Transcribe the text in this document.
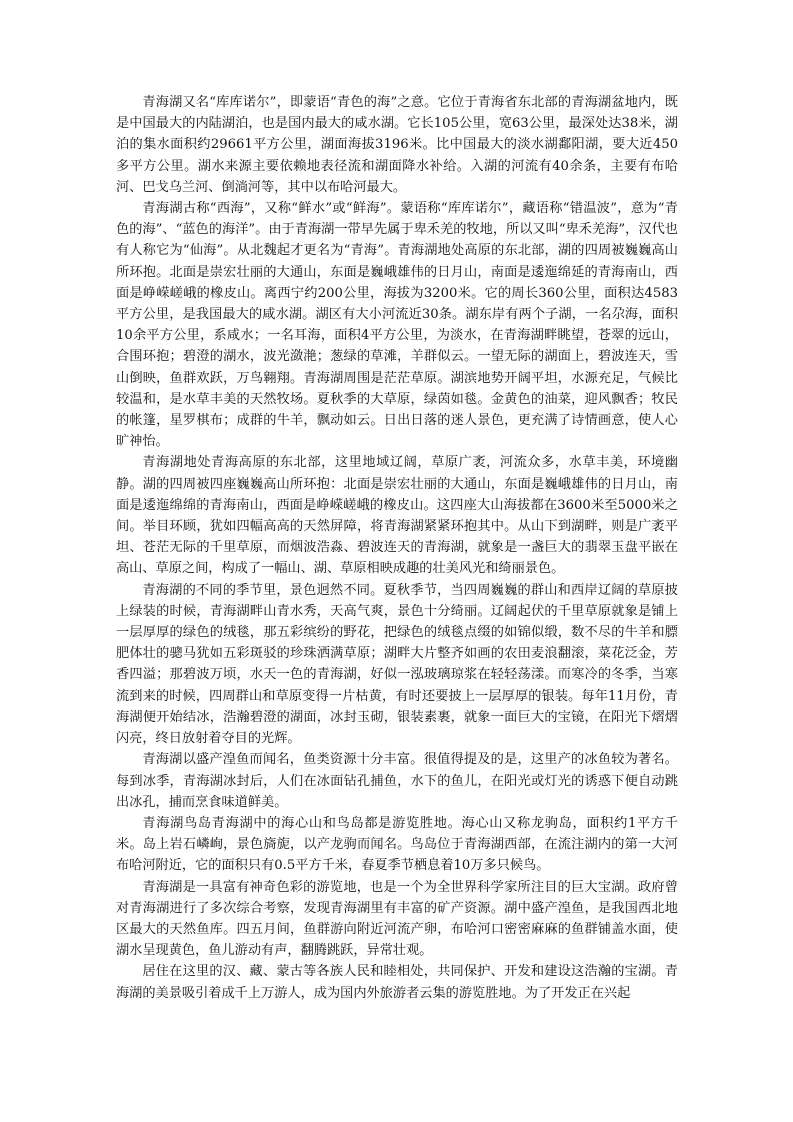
青海湖又名“库库诺尔”，即蒙语“青色的海”之意。它位于青海省东北部的青海湖盆地内，既是中国最大的内陆湖泊，也是国内最大的咸水湖。它长105公里，宽63公里，最深处达38米，湖泊的集水面积约29661平方公里，湖面海拔3196米。比中国最大的淡水湖鄱阳湖，要大近450多平方公里。湖水来源主要依赖地表径流和湖面降水补给。入湖的河流有40余条，主要有布哈河、巴戈乌兰河、倒淌河等，其中以布哈河最大。

青海湖古称“西海”，又称“鲜水”或“鲜海”。蒙语称“库库诺尔”，藏语称“错温波”，意为“青色的海”、“蓝色的海洋”。由于青海湖一带早先属于卑禾羌的牧地，所以又叫“卑禾羌海”，汉代也有人称它为“仙海”。从北魏起才更名为“青海”。青海湖地处高原的东北部，湖的四周被巍巍高山所环抱。北面是崇宏壮丽的大通山，东面是巍峨雄伟的日月山，南面是逶迤绵延的青海南山，西面是峥嵘嵯峨的橡皮山。离西宁约200公里，海拔为3200米。它的周长360公里，面积达4583平方公里，是我国最大的咸水湖。湖区有大小河流近30条。湖东岸有两个子湖，一名尕海，面积10余平方公里，系咸水；一名耳海，面积4平方公里，为淡水，在青海湖畔眺望，苍翠的远山，合围环抱；碧澄的湖水，波光潋滟；葱绿的草滩，羊群似云。一望无际的湖面上，碧波连天，雪山倒映，鱼群欢跃，万鸟翱翔。青海湖周围是茫茫草原。湖滨地势开阔平坦，水源充足，气候比较温和，是水草丰美的天然牧场。夏秋季的大草原，绿茵如毯。金黄色的油菜，迎风飘香；牧民的帐篷，星罗棋布；成群的牛羊，飘动如云。日出日落的迷人景色，更充满了诗情画意，使人心旷神怡。

青海湖地处青海高原的东北部，这里地域辽阔，草原广袤，河流众多，水草丰美，环境幽静。湖的四周被四座巍巍高山所环抱：北面是崇宏壮丽的大通山，东面是巍峨雄伟的日月山，南面是逶迤绵绵的青海南山，西面是峥嵘嵯峨的橡皮山。这四座大山海拔都在3600米至5000米之间。举目环顾，犹如四幅高高的天然屏障，将青海湖紧紧环抱其中。从山下到湖畔，则是广袤平坦、苍茫无际的千里草原，而烟波浩淼、碧波连天的青海湖，就象是一盏巨大的翡翠玉盘平嵌在高山、草原之间，构成了一幅山、湖、草原相映成趣的壮美风光和绮丽景色。

青海湖的不同的季节里，景色迥然不同。夏秋季节，当四周巍巍的群山和西岸辽阔的草原披上绿装的时候，青海湖畔山青水秀，天高气爽，景色十分绮丽。辽阔起伏的千里草原就象是铺上一层厚厚的绿色的绒毯，那五彩缤纷的野花，把绿色的绒毯点缀的如锦似缎，数不尽的牛羊和膘肥体壮的骢马犹如五彩斑驳的珍珠洒满草原；湖畔大片整齐如画的农田麦浪翻滚，菜花泛金，芳香四溢；那碧波万顷，水天一色的青海湖，好似一泓玻璃琼浆在轻轻荡漾。而寒冷的冬季，当寒流到来的时候，四周群山和草原变得一片枯黄，有时还要披上一层厚厚的银装。每年11月份，青海湖便开始结冰，浩瀚碧澄的湖面，冰封玉砌，银装素裹，就象一面巨大的宝镜，在阳光下熠熠闪亮，终日放射着夺目的光辉。

青海湖以盛产湟鱼而闻名，鱼类资源十分丰富。很值得提及的是，这里产的冰鱼较为著名。每到冰季，青海湖冰封后，人们在冰面钻孔捕鱼，水下的鱼儿，在阳光或灯光的诱惑下便自动跳出冰孔，捕而烹食味道鲜美。

青海湖鸟岛青海湖中的海心山和鸟岛都是游览胜地。海心山又称龙驹岛，面积约1平方千米。岛上岩石嶙峋，景色旖旎，以产龙驹而闻名。鸟岛位于青海湖西部，在流注湖内的第一大河布哈河附近，它的面积只有0.5平方千米，春夏季节栖息着10万多只候鸟。

青海湖是一具富有神奇色彩的游览地，也是一个为全世界科学家所注目的巨大宝湖。政府曾对青海湖进行了多次综合考察，发现青海湖里有丰富的矿产资源。湖中盛产湟鱼，是我国西北地区最大的天然鱼库。四五月间，鱼群游向附近河流产卵，布哈河口密密麻麻的鱼群铺盖水面，使湖水呈现黄色，鱼儿游动有声，翻腾跳跃，异常壮观。

居住在这里的汉、藏、蒙古等各族人民和睦相处，共同保护、开发和建设这浩瀚的宝湖。青海湖的美景吸引着成千上万游人，成为国内外旅游者云集的游览胜地。为了开发正在兴起
